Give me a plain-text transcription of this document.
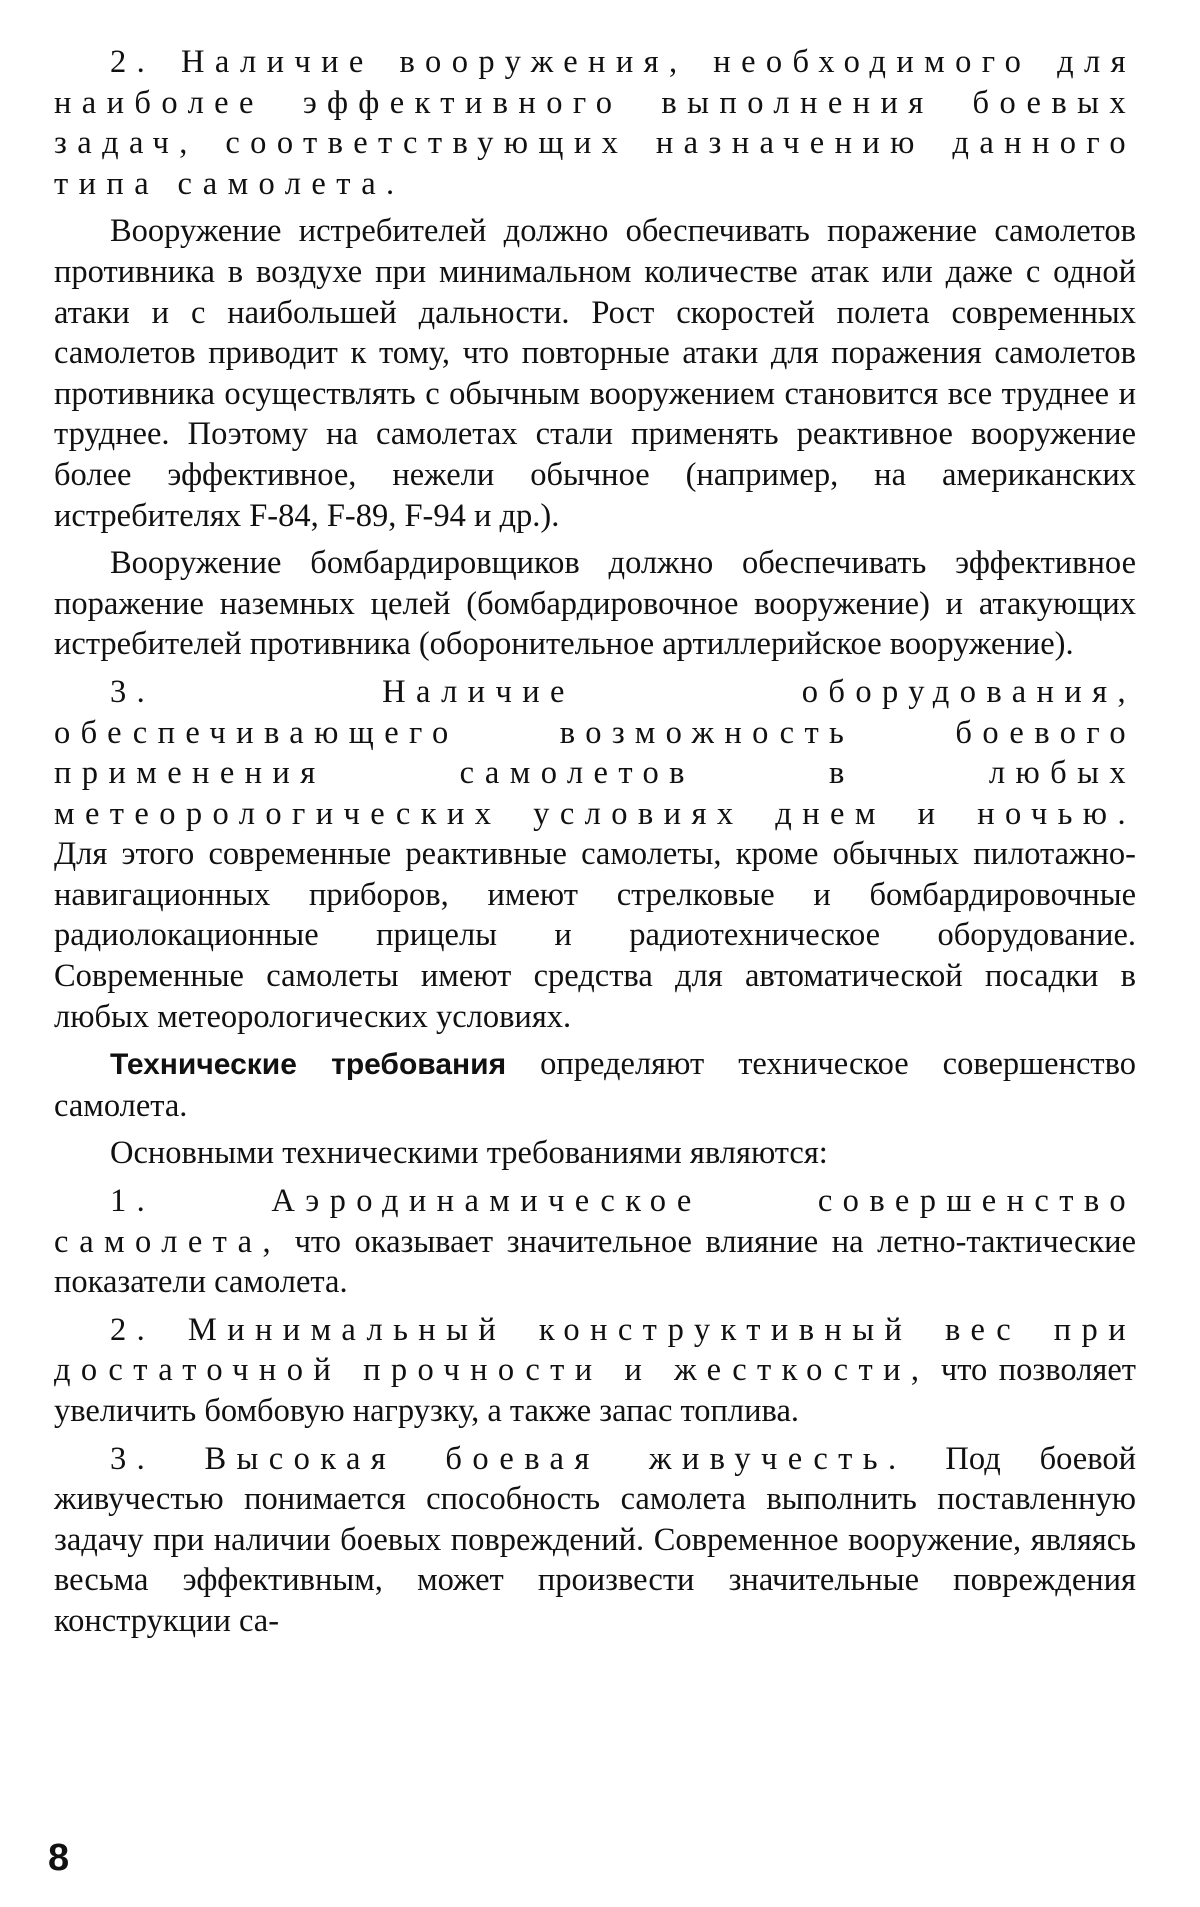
2. Наличие вооружения, необходимого для наиболее эффективного выполнения боевых задач, соответствующих назначению данного типа самолета.

Вооружение истребителей должно обеспечивать поражение самолетов противника в воздухе при минимальном количестве атак или даже с одной атаки и с наибольшей дальности. Рост скоростей полета современных самолетов приводит к тому, что повторные атаки для поражения самолетов противника осуществлять с обычным вооружением становится все труднее и труднее. Поэтому на самолетах стали применять реактивное вооружение более эффективное, нежели обычное (например, на американских истребителях F-84, F-89, F-94 и др.).

Вооружение бомбардировщиков должно обеспечивать эффективное поражение наземных целей (бомбардировочное вооружение) и атакующих истребителей противника (оборонительное артиллерийское вооружение).

3. Наличие оборудования, обеспечивающего возможность боевого применения самолетов в любых метеорологических условиях днем и ночью. Для этого современные реактивные самолеты, кроме обычных пилотажно-навигационных приборов, имеют стрелковые и бомбардировочные радиолокационные прицелы и радиотехническое оборудование. Современные самолеты имеют средства для автоматической посадки в любых метеорологических условиях.

Технические требования определяют техническое совершенство самолета.

Основными техническими требованиями являются:

1. Аэродинамическое совершенство самолета, что оказывает значительное влияние на летно-тактические показатели самолета.

2. Минимальный конструктивный вес при достаточной прочности и жесткости, что позволяет увеличить бомбовую нагрузку, а также запас топлива.

3. Высокая боевая живучесть. Под боевой живучестью понимается способность самолета выполнить поставленную задачу при наличии боевых повреждений. Современное вооружение, являясь весьма эффективным, может произвести значительные повреждения конструкции са-

8
